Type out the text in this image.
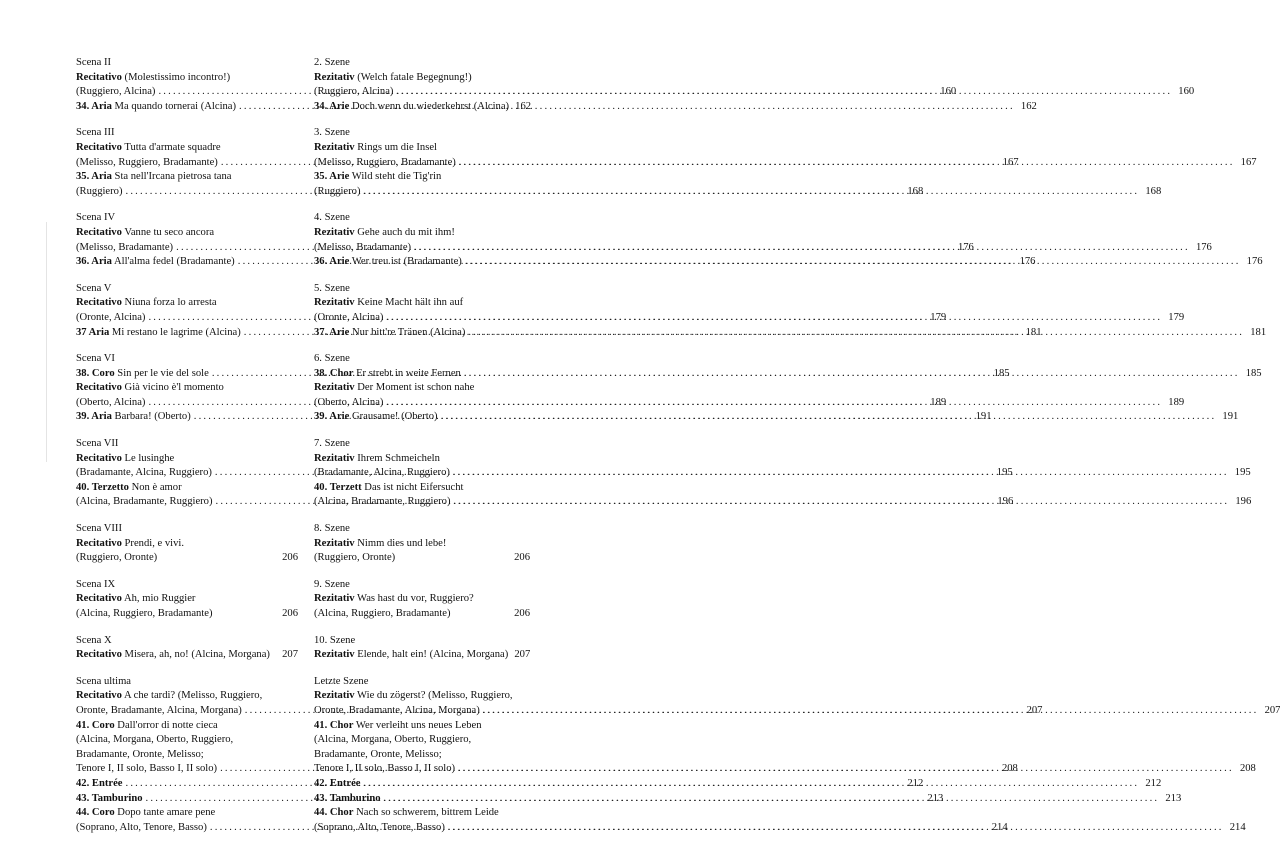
Scena II
Recitativo (Molestissimo incontro!)
(Ruggiero, Alcina) .....	160
34. Aria Ma quando tornerai (Alcina) .....	162
Scena III
Recitativo Tutta d'armate squadre
(Melisso, Ruggiero, Bradamante) .....	167
35. Aria Sta nell'Ircana pietrosa tana
(Ruggiero) .....	168
Scena IV
Recitativo Vanne tu seco ancora
(Melisso, Bradamante) .....	176
36. Aria All'alma fedel (Bradamante) .....	176
Scena V
Recitativo Niuna forza lo arresta
(Oronte, Alcina) .....	179
37 Aria Mi restano le lagrime (Alcina) .....	181
Scena VI
38. Coro Sin per le vie del sole .....	185
Recitativo Già vicino è'l momento
(Oberto, Alcina) .....	189
39. Aria Barbara! (Oberto) .....	191
Scena VII
Recitativo Le lusinghe
(Bradamante, Alcina, Ruggiero) .....	195
40. Terzetto Non è amor
(Alcina, Bradamante, Ruggiero) .....	196
Scena VIII
Recitativo Prendi, e vivi.
(Ruggiero, Oronte)	206
Scena IX
Recitativo Ah, mio Ruggier
(Alcina, Ruggiero, Bradamante)	206
Scena X
Recitativo Misera, ah, no! (Alcina, Morgana)	207
Scena ultima
Recitativo A che tardi? (Melisso, Ruggiero,
Oronte, Bradamante, Alcina, Morgana) .....	207
41. Coro Dall'orror di notte cieca
(Alcina, Morgana, Oberto, Ruggiero,
Bradamante, Oronte, Melisso;
Tenore I, II solo, Basso I, II solo) .....	208
42. Entrée .....	212
43. Tamburino .....	213
44. Coro Dopo tante amare pene
(Soprano, Alto, Tenore, Basso) .....	214
2. Szene
Rezitativ (Welch fatale Begegnung!)
(Ruggiero, Alcina) .....	160
34. Arie Doch wenn du wiederkehrst (Alcina) 162
3. Szene
Rezitativ Rings um die Insel
(Melisso, Ruggiero, Bradamante) .....	167
35. Arie Wild steht die Tig'rin
(Ruggiero) .....	168
4. Szene
Rezitativ Gehe auch du mit ihm!
(Melisso, Bradamante) .....	176
36. Arie Wer treu ist (Bradamante) .....	176
5. Szene
Rezitativ Keine Macht hält ihn auf
(Oronte, Alcina) .....	179
37. Arie Nur bitt're Tränen (Alcina) .....	181
6. Szene
38. Chor Er strebt in weite Fernen .....	185
Rezitativ Der Moment ist schon nahe
(Oberto, Alcina) .....	189
39. Arie Grausame! (Oberto) .....	191
7. Szene
Rezitativ Ihrem Schmeicheln
(Bradamante, Alcina, Ruggiero) .....	195
40. Terzett Das ist nicht Eifersucht
(Alcina, Bradamante, Ruggiero) .....	196
8. Szene
Rezitativ Nimm dies und lebe!
(Ruggiero, Oronte)	206
9. Szene
Rezitativ Was hast du vor, Ruggiero?
(Alcina, Ruggiero, Bradamante)	206
10. Szene
Rezitativ Elende, halt ein! (Alcina, Morgana) 207
Letzte Szene
Rezitativ Wie du zögerst? (Melisso, Ruggiero,
Oronte, Bradamante, Alcina, Morgana) .....	207
41. Chor Wer verleiht uns neues Leben
(Alcina, Morgana, Oberto, Ruggiero,
Bradamante, Oronte, Melisso;
Tenore I, II solo, Basso I, II solo) .....	208
42. Entrée .....	212
43. Tamburino .....	213
44. Chor Nach so schwerem, bittrem Leide
(Soprano, Alto, Tenore, Basso) .....	214
